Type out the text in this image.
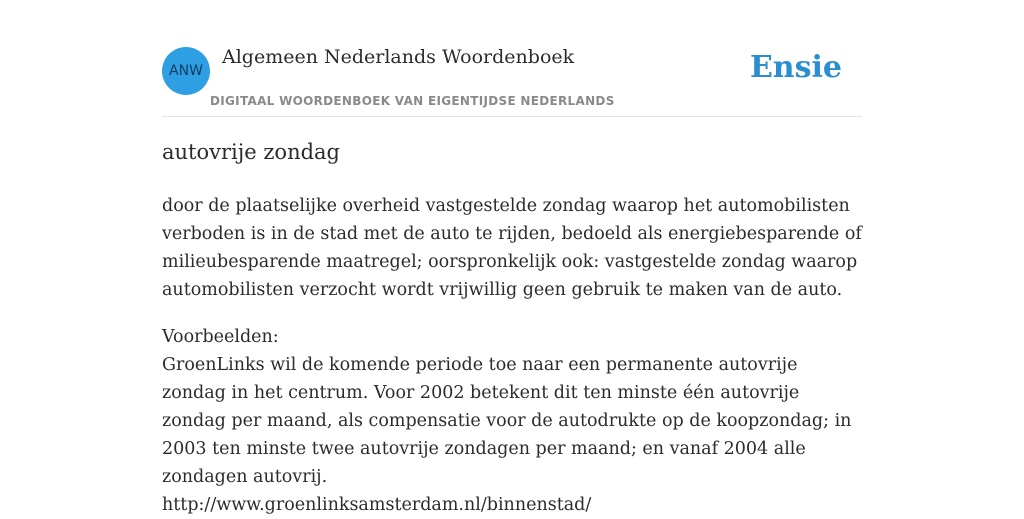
ANW
Algemeen Nederlands Woordenboek
DIGITAAL WOORDENBOEK VAN EIGENTIJDSE NEDERLANDS
Ensie
autovrije zondag

door de plaatselijke overheid vastgestelde zondag waarop het automobilisten verboden is in de stad met de auto te rijden, bedoeld als energiebesparende of milieubesparende maatregel; oorspronkelijk ook: vastgestelde zondag waarop automobilisten verzocht wordt vrijwillig geen gebruik te maken van de auto.

Voorbeelden:
GroenLinks wil de komende periode toe naar een permanente autovrije zondag in het centrum. Voor 2002 betekent dit ten minste één autovrije zondag per maand, als compensatie voor de autodrukte op de koopzondag; in 2003 ten minste twee autovrije zondagen per maand; en vanaf 2004 alle zondagen autovrij.
http://www.groenlinksamsterdam.nl/binnenstad/
